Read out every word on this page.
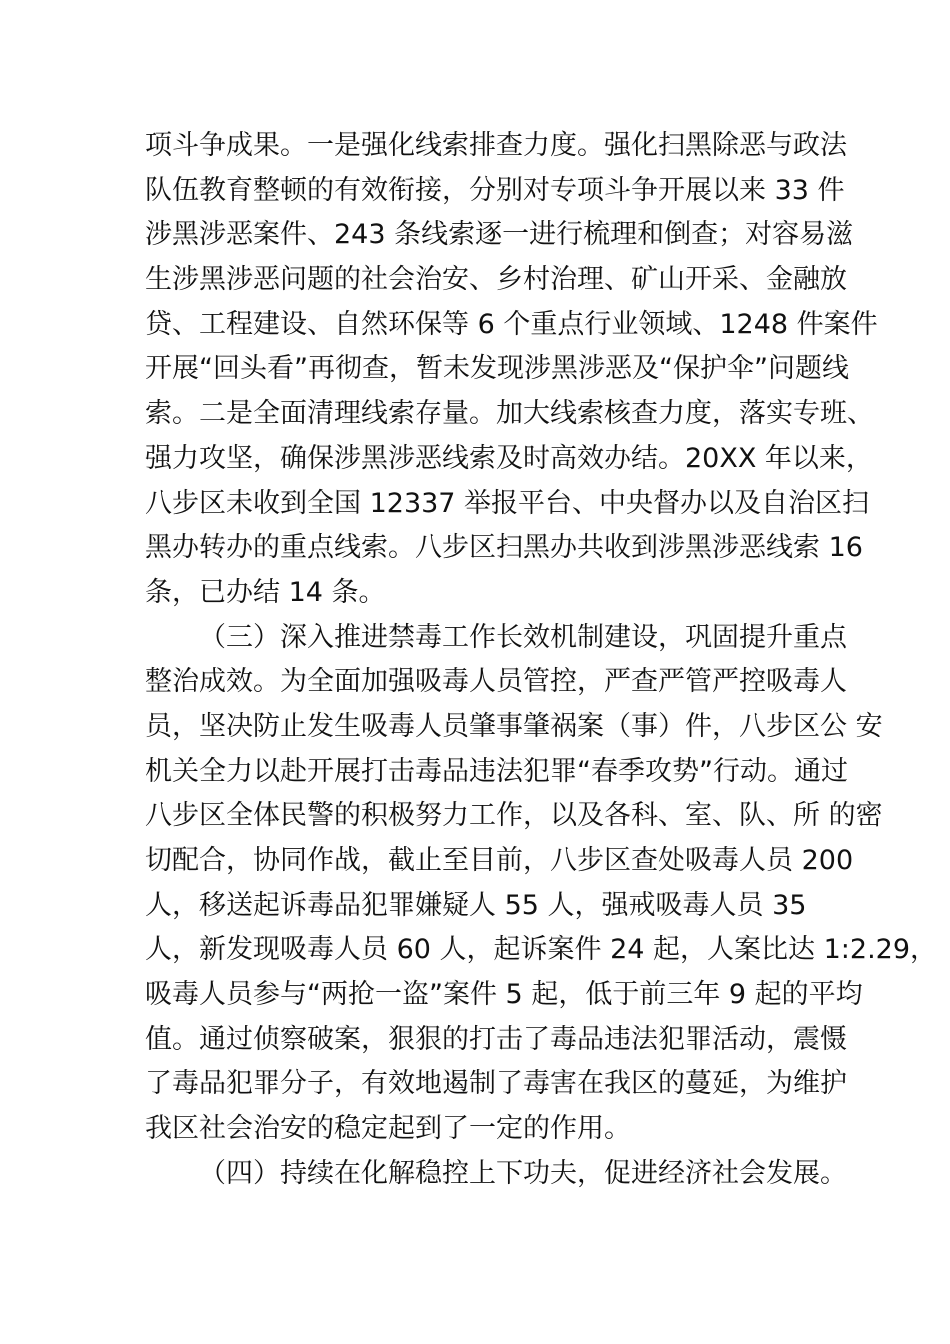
项斗争成果。一是强化线索排查力度。强化扫黑除恶与政法
队伍教育整顿的有效衔接，分别对专项斗争开展以来 33 件
涉黑涉恶案件、243 条线索逐一进行梳理和倒查；对容易滋
生涉黑涉恶问题的社会治安、乡村治理、矿山开采、金融放
贷、工程建设、自然环保等 6 个重点行业领域、1248 件案件
开展“回头看”再彻查，暂未发现涉黑涉恶及“保护伞”问题线
索。二是全面清理线索存量。加大线索核查力度，落实专班、
强力攻坚，确保涉黑涉恶线索及时高效办结。20XX 年以来，
八步区未收到全国 12337 举报平台、中央督办以及自治区扫
黑办转办的重点线索。八步区扫黑办共收到涉黑涉恶线索 16
条，已办结 14 条。
（三）深入推进禁毒工作长效机制建设，巩固提升重点
整治成效。为全面加强吸毒人员管控，严查严管严控吸毒人
员，坚决防止发生吸毒人员肇事肇祸案（事）件，八步区公 安
机关全力以赴开展打击毒品违法犯罪“春季攻势”行动。通过
八步区全体民警的积极努力工作，以及各科、室、队、所 的密
切配合，协同作战，截止至目前，八步区查处吸毒人员 200
人，移送起诉毒品犯罪嫌疑人 55 人，强戒吸毒人员 35
人，新发现吸毒人员 60 人，起诉案件 24 起，人案比达 1:2.29，
吸毒人员参与“两抢一盗”案件 5 起，低于前三年 9 起的平均
值。通过侦察破案，狠狠的打击了毒品违法犯罪活动，震慑
了毒品犯罪分子，有效地遏制了毒害在我区的蔓延，为维护
我区社会治安的稳定起到了一定的作用。
（四）持续在化解稳控上下功夫，促进经济社会发展。
